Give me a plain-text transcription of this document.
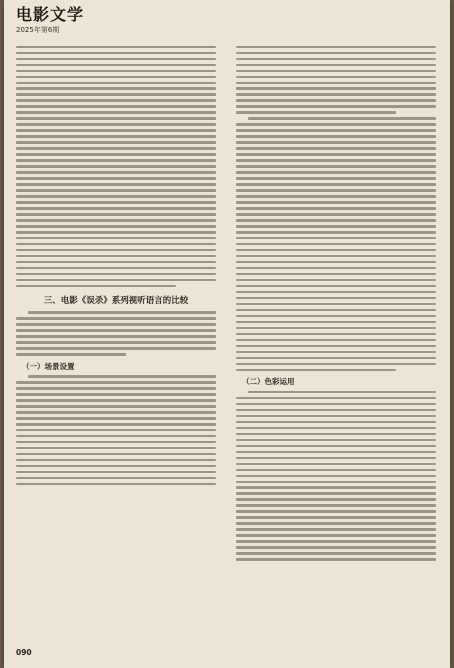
电影文学
2025年第6期
三、电影《误杀》系列视听语言的比较
（一）场景设置
（二）色彩运用
090
